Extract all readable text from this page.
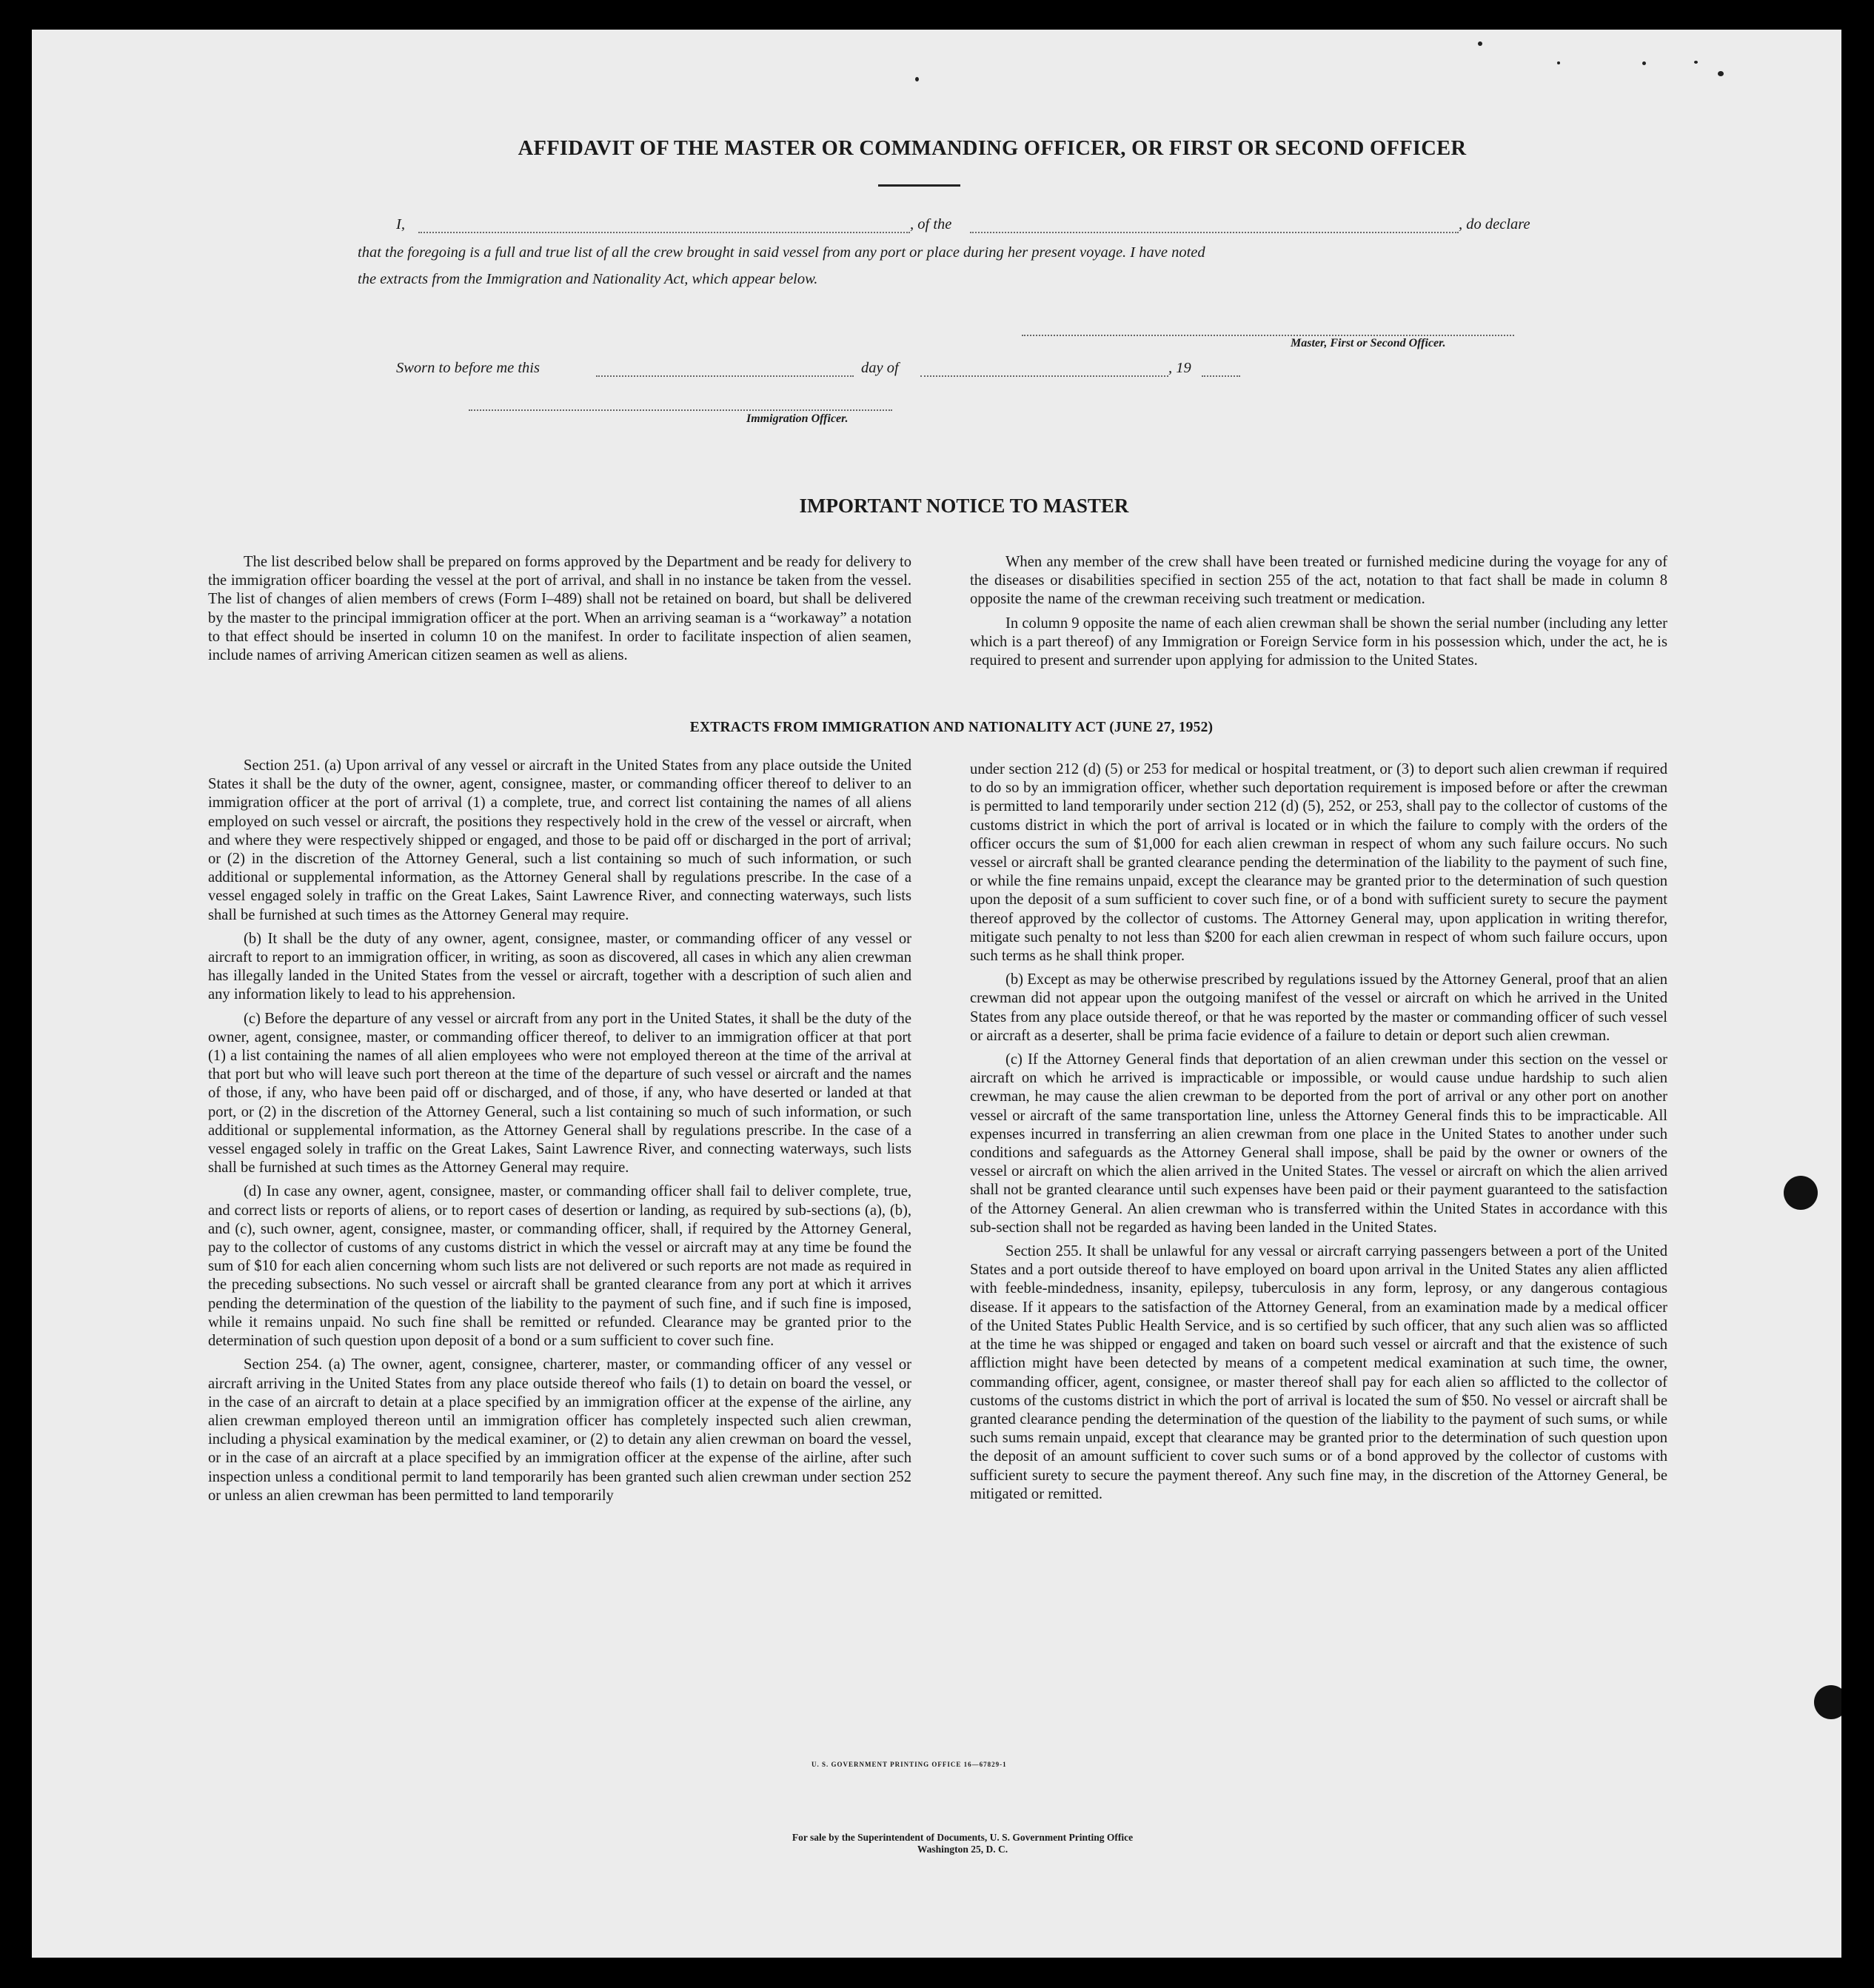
AFFIDAVIT OF THE MASTER OR COMMANDING OFFICER, OR FIRST OR SECOND OFFICER
I,	, of the	, do declare
that the foregoing is a full and true list of all the crew brought in said vessel from any port or place during her present voyage. I have noted
the extracts from the Immigration and Nationality Act, which appear below.
Master, First or Second Officer.
Sworn to before me this	day of	, 19
Immigration Officer.
IMPORTANT NOTICE TO MASTER

The list described below shall be prepared on forms approved by the Department and be ready for delivery to the immigration officer boarding the vessel at the port of arrival, and shall in no instance be taken from the vessel. The list of changes of alien members of crews (Form I–489) shall not be retained on board, but shall be delivered by the master to the principal immigration officer at the port. When an arriving seaman is a “workaway” a notation to that effect should be inserted in column 10 on the manifest. In order to facilitate inspection of alien seamen, include names of arriving American citizen seamen as well as aliens.

When any member of the crew shall have been treated or furnished medicine during the voyage for any of the diseases or disabilities specified in section 255 of the act, notation to that fact shall be made in column 8 opposite the name of the crewman receiving such treatment or medication.

In column 9 opposite the name of each alien crewman shall be shown the serial number (including any letter which is a part thereof) of any Immigration or Foreign Service form in his possession which, under the act, he is required to present and surrender upon applying for admission to the United States.

EXTRACTS FROM IMMIGRATION AND NATIONALITY ACT (JUNE 27, 1952)

Section 251. (a) Upon arrival of any vessel or aircraft in the United States from any place outside the United States it shall be the duty of the owner, agent, consignee, master, or commanding officer thereof to deliver to an immigration officer at the port of arrival (1) a complete, true, and correct list containing the names of all aliens employed on such vessel or aircraft, the positions they respectively hold in the crew of the vessel or aircraft, when and where they were respectively shipped or engaged, and those to be paid off or discharged in the port of arrival; or (2) in the discretion of the Attorney General, such a list containing so much of such information, or such additional or supplemental information, as the Attorney General shall by regulations prescribe. In the case of a vessel engaged solely in traffic on the Great Lakes, Saint Lawrence River, and connecting waterways, such lists shall be furnished at such times as the Attorney General may require.

(b) It shall be the duty of any owner, agent, consignee, master, or commanding officer of any vessel or aircraft to report to an immigration officer, in writing, as soon as discovered, all cases in which any alien crewman has illegally landed in the United States from the vessel or aircraft, together with a description of such alien and any information likely to lead to his apprehension.

(c) Before the departure of any vessel or aircraft from any port in the United States, it shall be the duty of the owner, agent, consignee, master, or commanding officer thereof, to deliver to an immigration officer at that port (1) a list containing the names of all alien employees who were not employed thereon at the time of the arrival at that port but who will leave such port thereon at the time of the departure of such vessel or aircraft and the names of those, if any, who have been paid off or discharged, and of those, if any, who have deserted or landed at that port, or (2) in the discretion of the Attorney General, such a list containing so much of such information, or such additional or supplemental information, as the Attorney General shall by regulations prescribe. In the case of a vessel engaged solely in traffic on the Great Lakes, Saint Lawrence River, and connecting waterways, such lists shall be furnished at such times as the Attorney General may require.

(d) In case any owner, agent, consignee, master, or commanding officer shall fail to deliver complete, true, and correct lists or reports of aliens, or to report cases of desertion or landing, as required by sub-sections (a), (b), and (c), such owner, agent, consignee, master, or commanding officer, shall, if required by the Attorney General, pay to the collector of customs of any customs district in which the vessel or aircraft may at any time be found the sum of $10 for each alien concerning whom such lists are not delivered or such reports are not made as required in the preceding subsections. No such vessel or aircraft shall be granted clearance from any port at which it arrives pending the determination of the question of the liability to the payment of such fine, and if such fine is imposed, while it remains unpaid. No such fine shall be remitted or refunded. Clearance may be granted prior to the determination of such question upon deposit of a bond or a sum sufficient to cover such fine.

Section 254. (a) The owner, agent, consignee, charterer, master, or commanding officer of any vessel or aircraft arriving in the United States from any place outside thereof who fails (1) to detain on board the vessel, or in the case of an aircraft to detain at a place specified by an immigration officer at the expense of the airline, any alien crewman employed thereon until an immigration officer has completely inspected such alien crewman, including a physical examination by the medical examiner, or (2) to detain any alien crewman on board the vessel, or in the case of an aircraft at a place specified by an immigration officer at the expense of the airline, after such inspection unless a conditional permit to land temporarily has been granted such alien crewman under section 252 or unless an alien crewman has been permitted to land temporarily

under section 212 (d) (5) or 253 for medical or hospital treatment, or (3) to deport such alien crewman if required to do so by an immigration officer, whether such deportation requirement is imposed before or after the crewman is permitted to land temporarily under section 212 (d) (5), 252, or 253, shall pay to the collector of customs of the customs district in which the port of arrival is located or in which the failure to comply with the orders of the officer occurs the sum of $1,000 for each alien crewman in respect of whom any such failure occurs. No such vessel or aircraft shall be granted clearance pending the determination of the liability to the payment of such fine, or while the fine remains unpaid, except the clearance may be granted prior to the determination of such question upon the deposit of a sum sufficient to cover such fine, or of a bond with sufficient surety to secure the payment thereof approved by the collector of customs. The Attorney General may, upon application in writing therefor, mitigate such penalty to not less than $200 for each alien crewman in respect of whom such failure occurs, upon such terms as he shall think proper.

(b) Except as may be otherwise prescribed by regulations issued by the Attorney General, proof that an alien crewman did not appear upon the outgoing manifest of the vessel or aircraft on which he arrived in the United States from any place outside thereof, or that he was reported by the master or commanding officer of such vessel or aircraft as a deserter, shall be prima facie evidence of a failure to detain or deport such alien crewman.

(c) If the Attorney General finds that deportation of an alien crewman under this section on the vessel or aircraft on which he arrived is impracticable or impossible, or would cause undue hardship to such alien crewman, he may cause the alien crewman to be deported from the port of arrival or any other port on another vessel or aircraft of the same transportation line, unless the Attorney General finds this to be impracticable. All expenses incurred in transferring an alien crewman from one place in the United States to another under such conditions and safeguards as the Attorney General shall impose, shall be paid by the owner or owners of the vessel or aircraft on which the alien arrived in the United States. The vessel or aircraft on which the alien arrived shall not be granted clearance until such expenses have been paid or their payment guaranteed to the satisfaction of the Attorney General. An alien crewman who is transferred within the United States in accordance with this sub-section shall not be regarded as having been landed in the United States.

Section 255. It shall be unlawful for any vessal or aircraft carrying passengers between a port of the United States and a port outside thereof to have employed on board upon arrival in the United States any alien afflicted with feeble-mindedness, insanity, epilepsy, tuberculosis in any form, leprosy, or any dangerous contagious disease. If it appears to the satisfaction of the Attorney General, from an examination made by a medical officer of the United States Public Health Service, and is so certified by such officer, that any such alien was so afflicted at the time he was shipped or engaged and taken on board such vessel or aircraft and that the existence of such affliction might have been detected by means of a competent medical examination at such time, the owner, commanding officer, agent, consignee, or master thereof shall pay for each alien so afflicted to the collector of customs of the customs district in which the port of arrival is located the sum of $50. No vessel or aircraft shall be granted clearance pending the determination of the question of the liability to the payment of such sums, or while such sums remain unpaid, except that clearance may be granted prior to the determination of such question upon the deposit of an amount sufficient to cover such sums or of a bond approved by the collector of customs with sufficient surety to secure the payment thereof. Any such fine may, in the discretion of the Attorney General, be mitigated or remitted.

U. S. GOVERNMENT PRINTING OFFICE 16—67829-1
For sale by the Superintendent of Documents, U. S. Government Printing Office
Washington 25, D. C.
